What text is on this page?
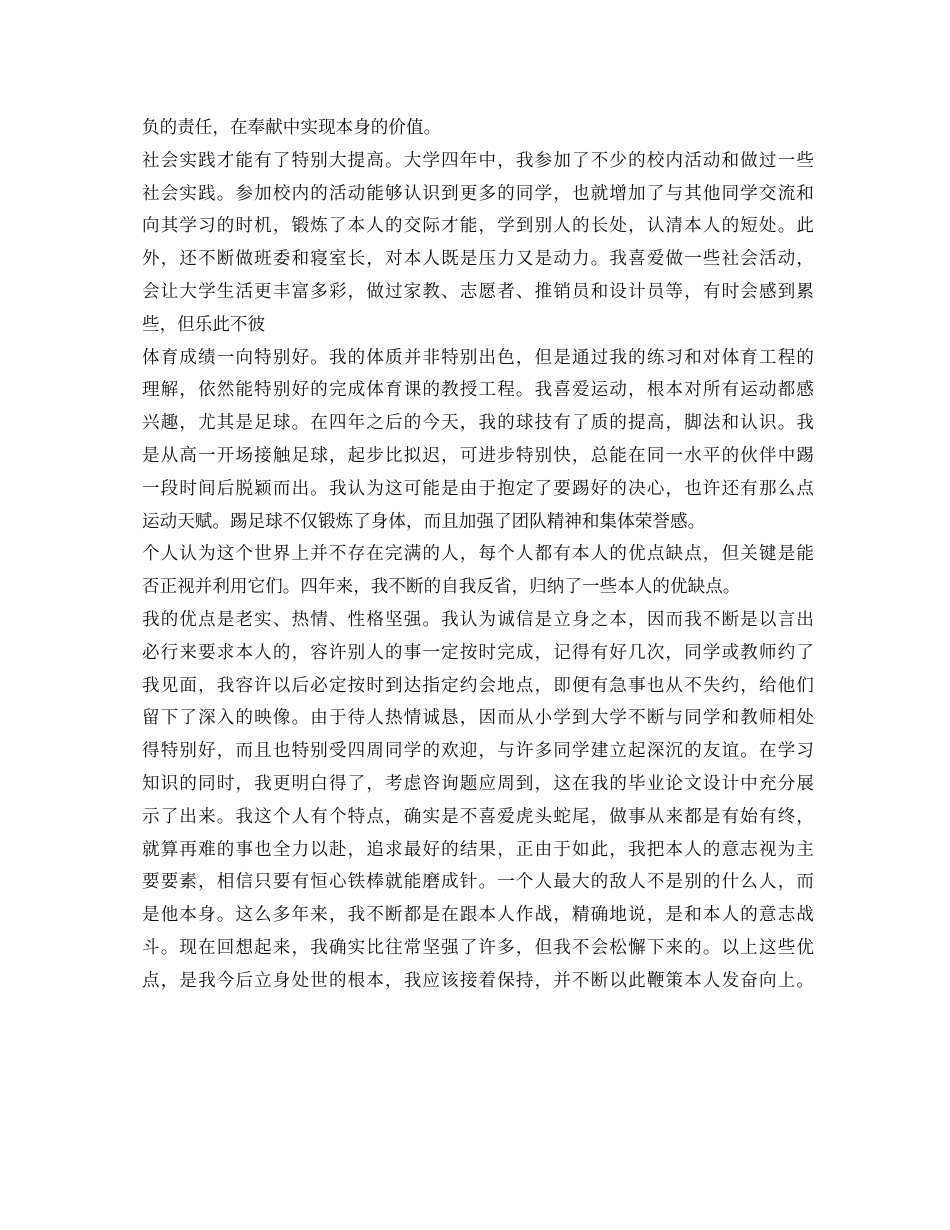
负的责任，在奉献中实现本身的价值。
社会实践才能有了特别大提高。大学四年中，我参加了不少的校内活动和做过一些
社会实践。参加校内的活动能够认识到更多的同学，也就增加了与其他同学交流和
向其学习的时机，锻炼了本人的交际才能，学到别人的长处，认清本人的短处。此
外，还不断做班委和寝室长，对本人既是压力又是动力。我喜爱做一些社会活动，
会让大学生活更丰富多彩，做过家教、志愿者、推销员和设计员等，有时会感到累
些，但乐此不彼
体育成绩一向特别好。我的体质并非特别出色，但是通过我的练习和对体育工程的
理解，依然能特别好的完成体育课的教授工程。我喜爱运动，根本对所有运动都感
兴趣，尤其是足球。在四年之后的今天，我的球技有了质的提高，脚法和认识。我
是从高一开场接触足球，起步比拟迟，可进步特别快，总能在同一水平的伙伴中踢
一段时间后脱颖而出。我认为这可能是由于抱定了要踢好的决心，也许还有那么点
运动天赋。踢足球不仅锻炼了身体，而且加强了团队精神和集体荣誉感。
个人认为这个世界上并不存在完满的人，每个人都有本人的优点缺点，但关键是能
否正视并利用它们。四年来，我不断的自我反省，归纳了一些本人的优缺点。
我的优点是老实、热情、性格坚强。我认为诚信是立身之本，因而我不断是以言出
必行来要求本人的，容许别人的事一定按时完成，记得有好几次，同学或教师约了
我见面，我容许以后必定按时到达指定约会地点，即便有急事也从不失约，给他们
留下了深入的映像。由于待人热情诚恳，因而从小学到大学不断与同学和教师相处
得特别好，而且也特别受四周同学的欢迎，与许多同学建立起深沉的友谊。在学习
知识的同时，我更明白得了，考虑咨询题应周到，这在我的毕业论文设计中充分展
示了出来。我这个人有个特点，确实是不喜爱虎头蛇尾，做事从来都是有始有终，
就算再难的事也全力以赴，追求最好的结果，正由于如此，我把本人的意志视为主
要要素，相信只要有恒心铁棒就能磨成针。一个人最大的敌人不是别的什么人，而
是他本身。这么多年来，我不断都是在跟本人作战，精确地说，是和本人的意志战
斗。现在回想起来，我确实比往常坚强了许多，但我不会松懈下来的。以上这些优
点，是我今后立身处世的根本，我应该接着保持，并不断以此鞭策本人发奋向上。
